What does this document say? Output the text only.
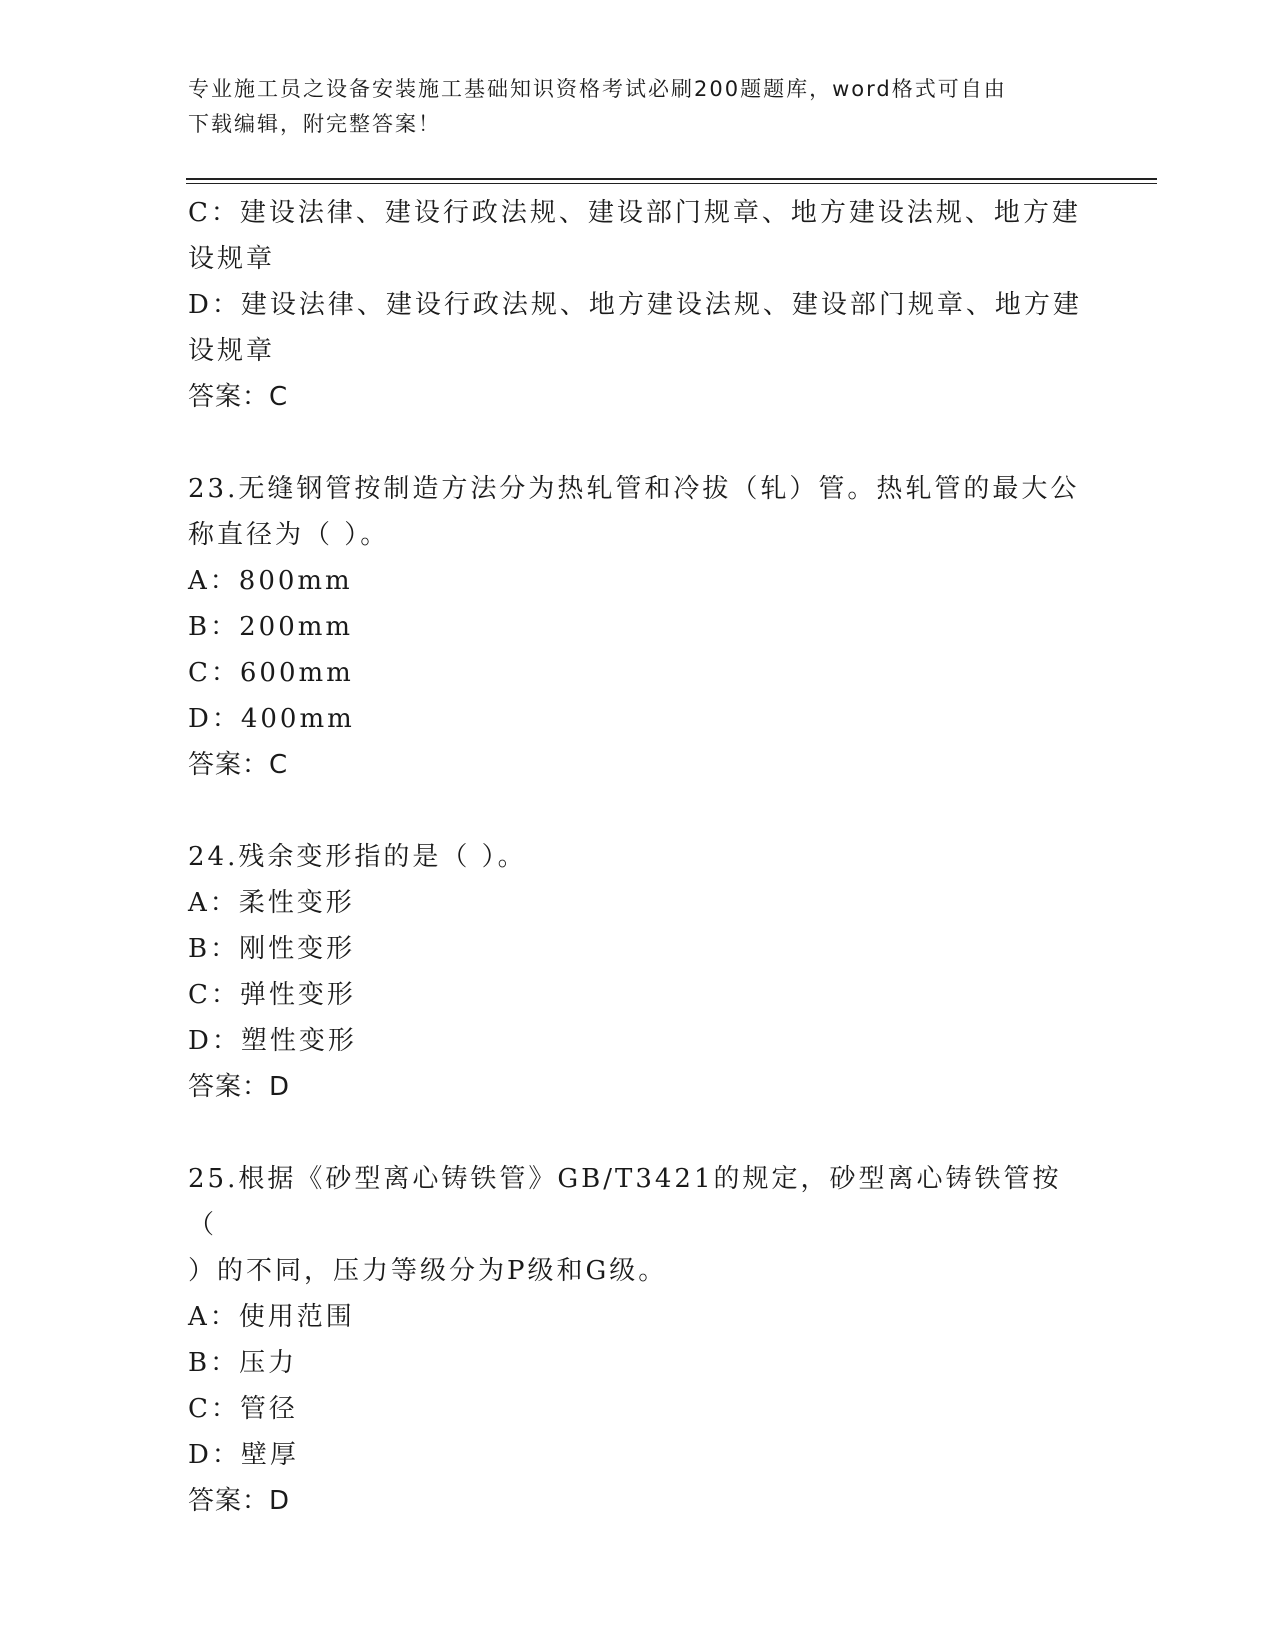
专业施工员之设备安装施工基础知识资格考试必刷200题题库，word格式可自由
下载编辑，附完整答案！

C：建设法律、建设行政法规、建设部门规章、地方建设法规、地方建

设规章

D：建设法律、建设行政法规、地方建设法规、建设部门规章、地方建

设规章

答案：C

23.无缝钢管按制造方法分为热轧管和冷拔（轧）管。热轧管的最大公

称直径为（ ）。

A：800mm

B：200mm

C：600mm

D：400mm

答案：C

24.残余变形指的是（ ）。

A：柔性变形

B：刚性变形

C：弹性变形

D：塑性变形

答案：D

25.根据《砂型离心铸铁管》GB/T3421的规定，砂型离心铸铁管按（

）的不同，压力等级分为P级和G级。

A：使用范围

B：压力

C：管径

D：壁厚

答案：D
